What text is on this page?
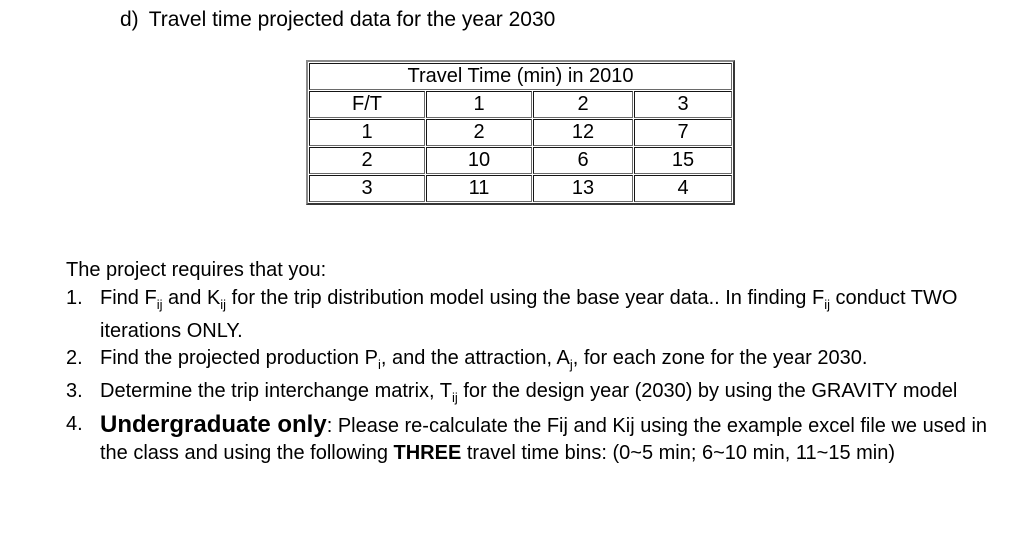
d) Travel time projected data for the year 2030
Travel Time (min) in 2010			
F/T	1	2	3
1	2	12	7
2	10	6	15
3	11	13	4
The project requires that you:
1. Find $F_{ij}$ and $K_{ij}$ for the trip distribution model using the base year data.. In finding $F_{ij}$ conduct TWO iterations ONLY.
2. Find the projected production $P_i$, and the attraction, $A_j$, for each zone for the year 2030.
3. Determine the trip interchange matrix, $T_{ij}$ for the design year (2030) by using the GRAVITY model
4. Undergraduate only: Please re-calculate the Fij and Kij using the example excel file we used in the class and using the following THREE travel time bins: (0~5 min; 6~10 min, 11~15 min)
